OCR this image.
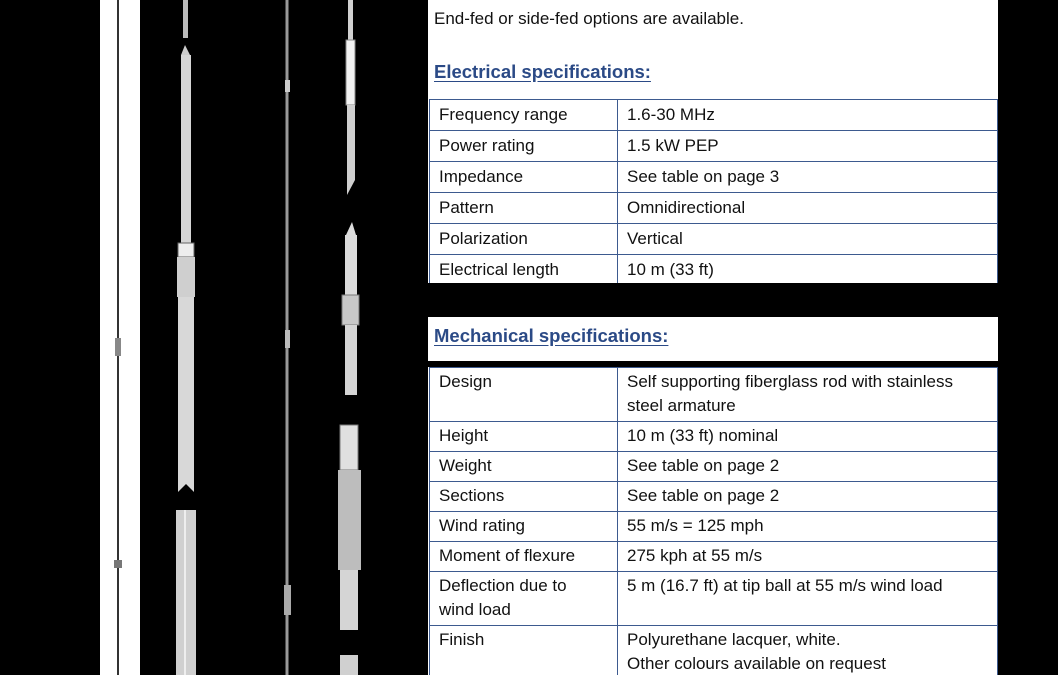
End-fed or side-fed options are available.
Electrical specifications:
Frequency range	1.6-30 MHz
Power rating	1.5 kW PEP
Impedance	See table on page 3
Pattern	Omnidirectional
Polarization	Vertical
Electrical length	10 m (33 ft)
Mechanical specifications:
Design	Self supporting fiberglass rod with stainless
steel armature

Height	10 m (33 ft) nominal
Weight	See table on page 2
Sections	See table on page 2
Wind rating	55 m/s = 125 mph
Moment of flexure	275 kph at 55 m/s

Deflection due to
wind load	5 m (16.7 ft) at tip ball at 55 m/s wind load
Finish	Polyurethane lacquer, white.
Other colours available on request
